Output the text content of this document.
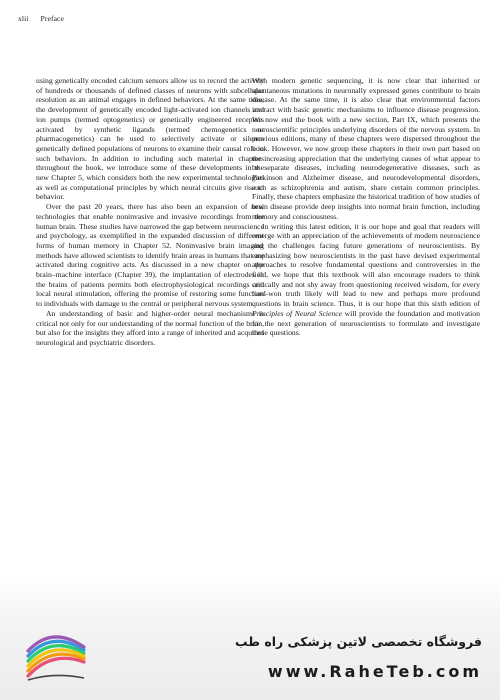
xlii Preface

using genetically encoded calcium sensors allow us to record the activity of hundreds or thousands of defined classes of neurons with subcellular resolution as an animal engages in defined behaviors. At the same time, the development of genetically encoded light-activated ion channels and ion pumps (termed optogenetics) or genetically engineered receptors activated by synthetic ligands (termed chemogenetics or pharmacogenetics) can be used to selectively activate or silence genetically defined populations of neurons to examine their causal role in such behaviors. In addition to including such material in chapters throughout the book, we introduce some of these developments in the new Chapter 5, which considers both the new experimental technologies as well as computational principles by which neural circuits give rise to behavior.

Over the past 20 years, there has also been an expansion of new technologies that enable noninvasive and invasive recordings from the human brain. These studies have narrowed the gap between neuroscience and psychology, as exemplified in the expanded discussion of different forms of human memory in Chapter 52. Noninvasive brain imaging methods have allowed scientists to identify brain areas in humans that are activated during cognitive acts. As discussed in a new chapter on the brain–machine interface (Chapter 39), the implantation of electrodes in the brains of patients permits both electrophysiological recordings and local neural stimulation, offering the promise of restoring some function to individuals with damage to the central or peripheral nervous system.

An understanding of basic and higher-order neural mechanisms is critical not only for our understanding of the normal function of the brain, but also for the insights they afford into a range of inherited and acquired neurological and psychiatric disorders.

With modern genetic sequencing, it is now clear that inherited or spontaneous mutations in neuronally expressed genes contribute to brain disease. At the same time, it is also clear that environmental factors interact with basic genetic mechanisms to influence disease progression. We now end the book with a new section, Part IX, which presents the neuroscientific principles underlying disorders of the nervous system. In previous editions, many of these chapters were dispersed throughout the book. However, we now group these chapters in their own part based on the increasing appreciation that the underlying causes of what appear to be separate diseases, including neurodegenerative diseases, such as Parkinson and Alzheimer disease, and neurodevelopmental disorders, such as schizophrenia and autism, share certain common principles. Finally, these chapters emphasize the historical tradition of how studies of brain disease provide deep insights into normal brain function, including memory and consciousness.

In writing this latest edition, it is our hope and goal that readers will emerge with an appreciation of the achievements of modern neuroscience and the challenges facing future generations of neuroscientists. By emphasizing how neuroscientists in the past have devised experimental approaches to resolve fundamental questions and controversies in the field, we hope that this textbook will also encourage readers to think critically and not shy away from questioning received wisdom, for every hard-won truth likely will lead to new and perhaps more profound questions in brain science. Thus, it is our hope that this sixth edition of Principles of Neural Science will provide the foundation and motivation for the next generation of neuroscientists to formulate and investigate these questions.

فروشگاه تخصصی لاتین پزشکی راه طب
www.RaheTeb.com
